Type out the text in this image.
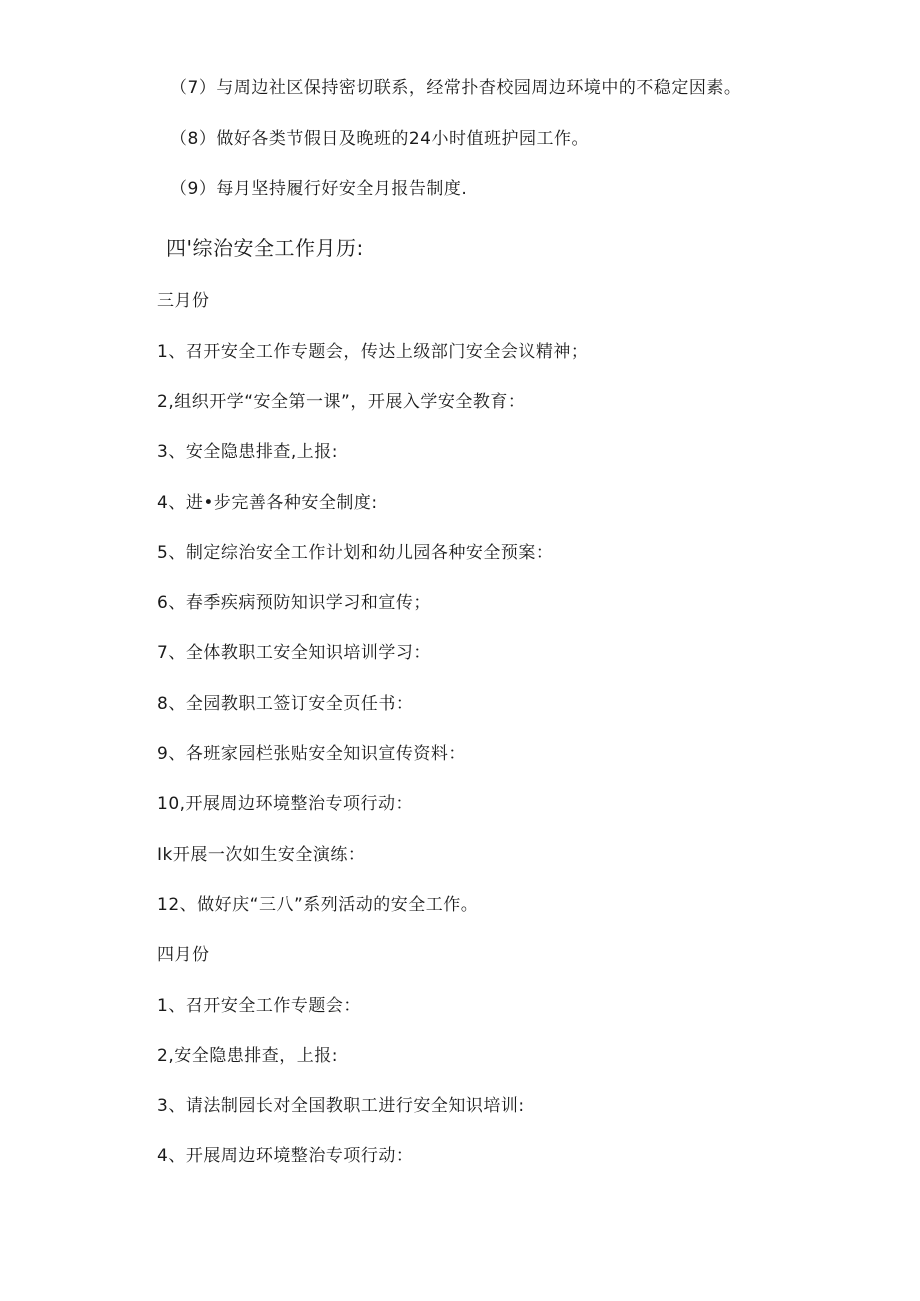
（7）与周边社区保持密切联系，经常扑杳校园周边环境中的不稳定因素。
（8）做好各类节假日及晚班的24小时值班护园工作。
（9）每月坚持履行好安全月报告制度.
四'综治安全工作月历:
三月份
1、召开安全工作专题会，传达上级部门安全会议精神；
2,组织开学“安全第一课”，开展入学安全教育：
3、安全隐患排查,上报:
4、进•步完善各种安全制度:
5、制定综治安全工作计划和幼儿园各种安全预案：
6、春季疾病预防知识学习和宣传；
7、全体教职工安全知识培训学习：
8、全园教职工签订安全页任书：
9、各班家园栏张贴安全知识宣传资料：
10,开展周边环境整治专项行动：
Ik开展一次如生安全演练：
12、做好庆“三八”系列活动的安全工作。
四月份
1、召开安全工作专题会：
2,安全隐患排查，上报:
3、请法制园长对全国教职工进行安全知识培训:
4、开展周边环境整治专项行动：
